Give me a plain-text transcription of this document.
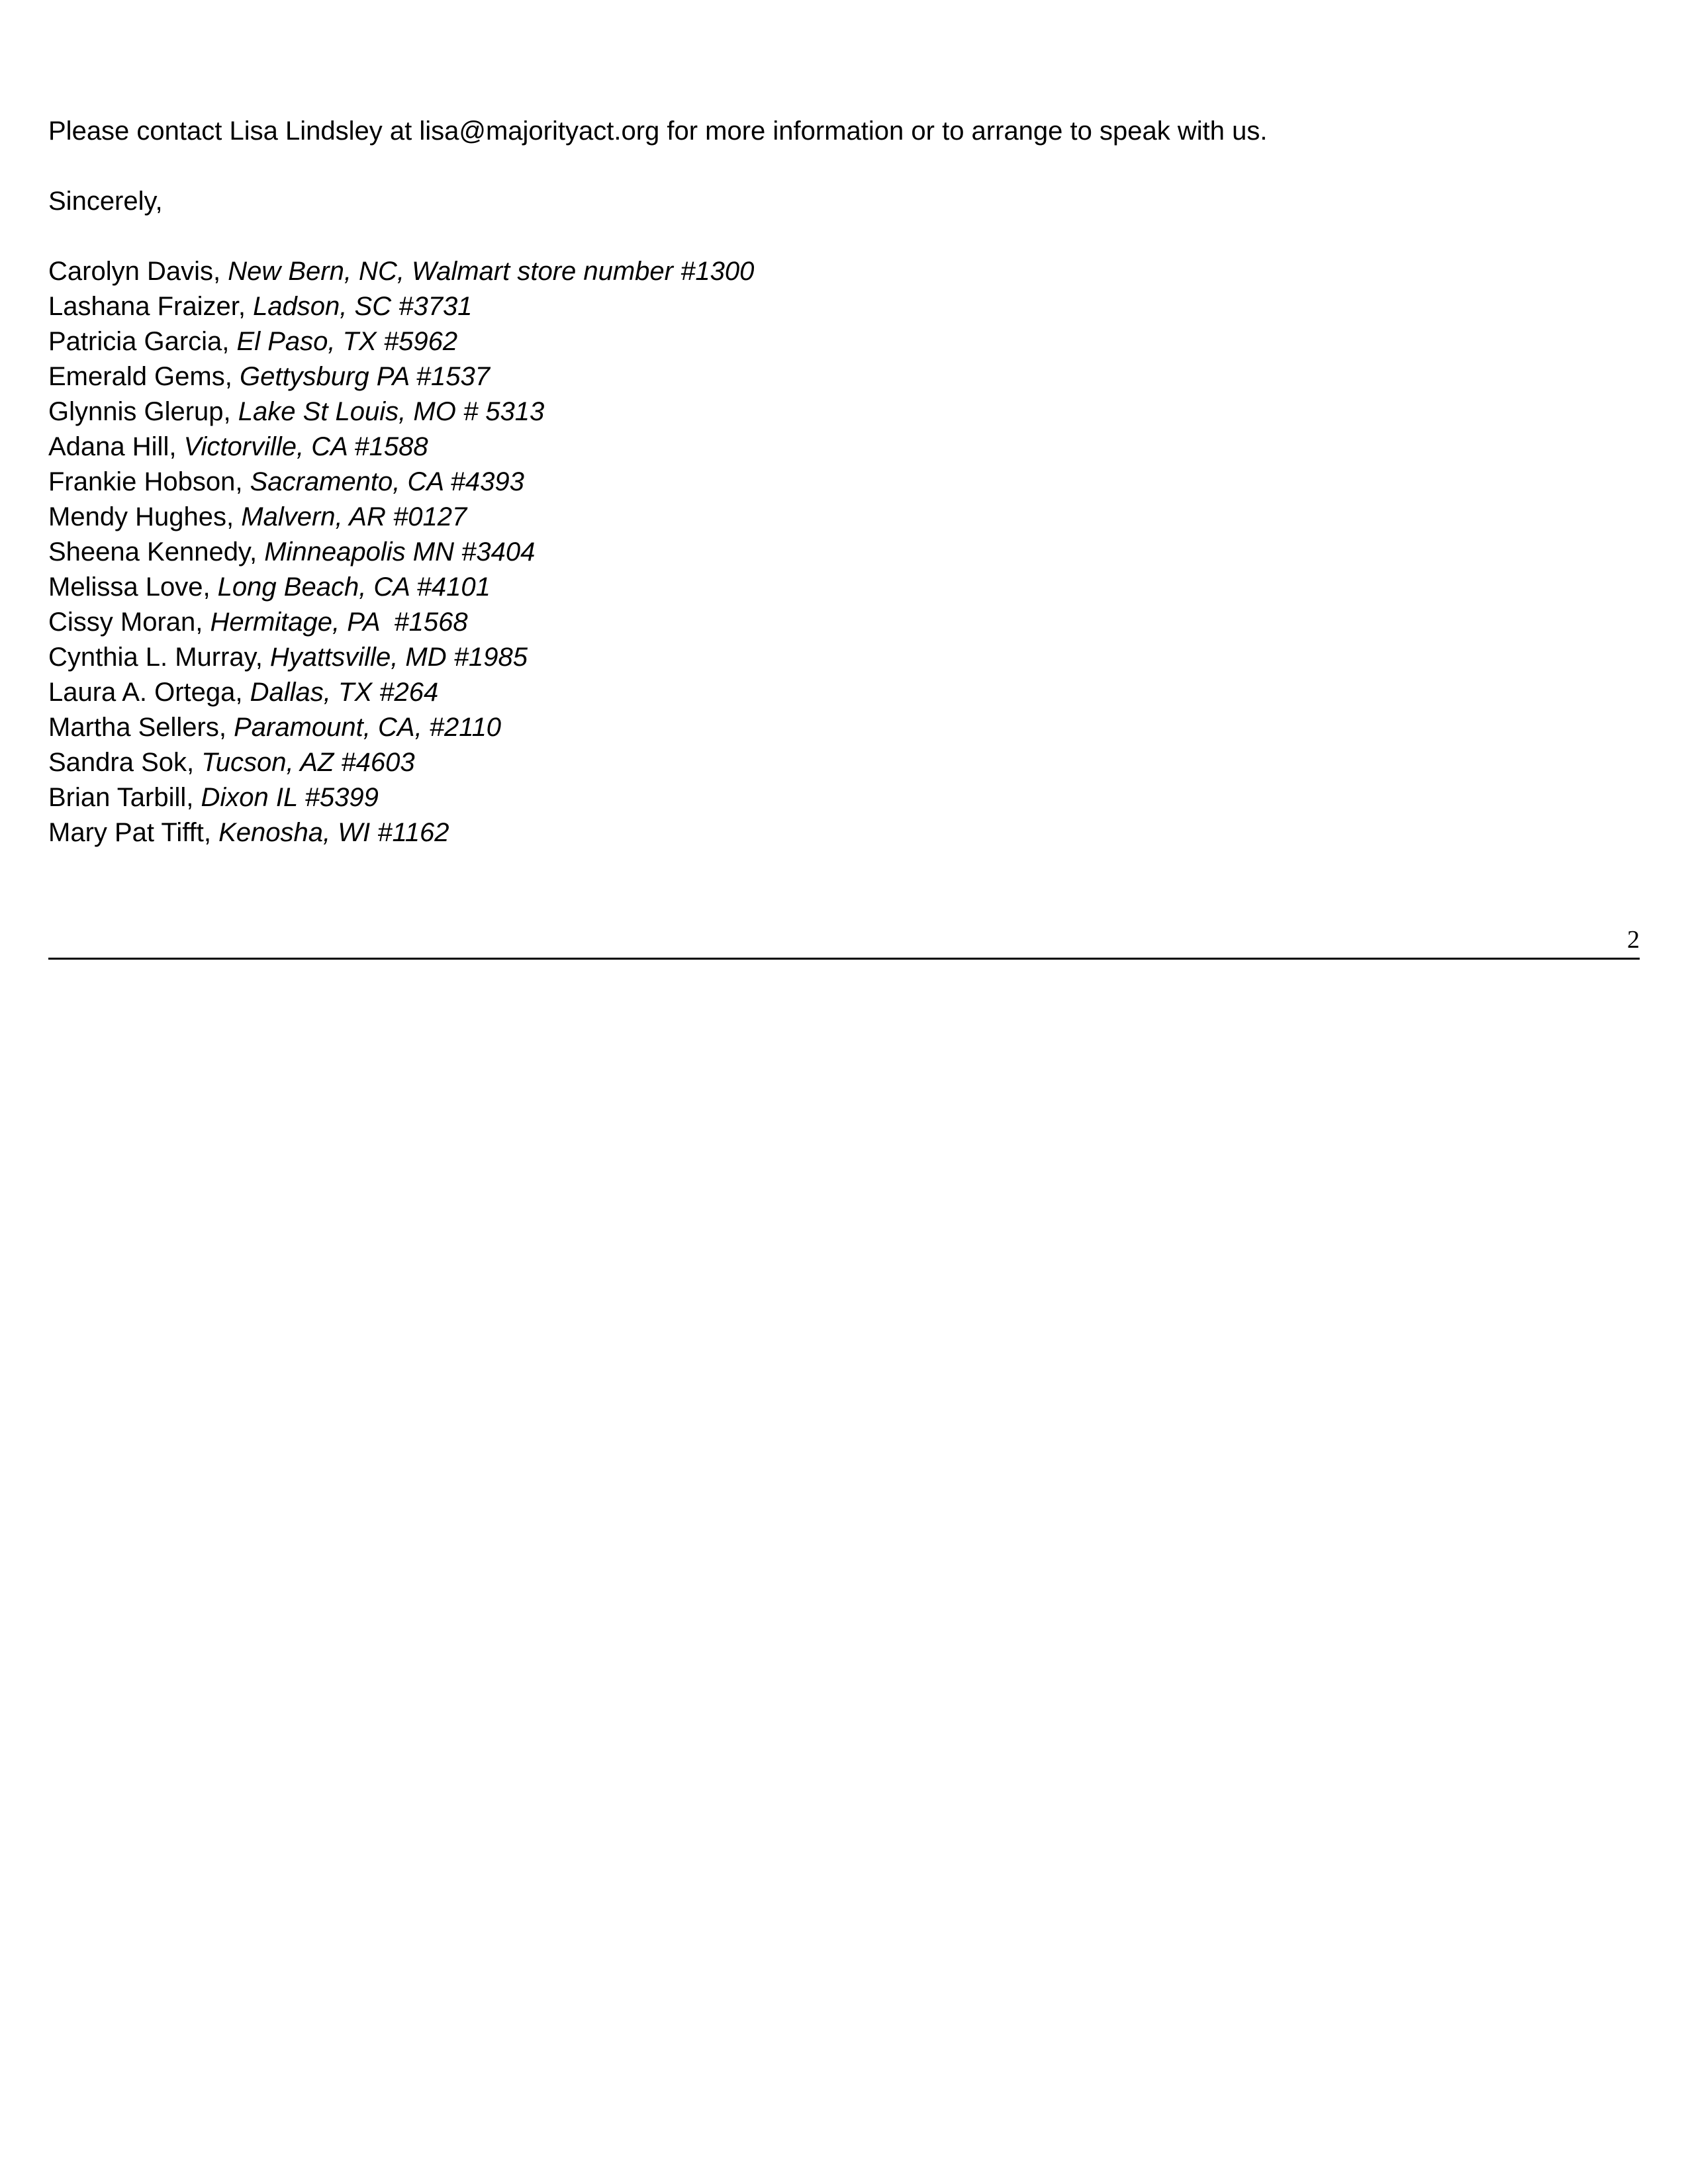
Please contact Lisa Lindsley at lisa@majorityact.org for more information or to arrange to speak with us.

Sincerely,

Carolyn Davis, New Bern, NC, Walmart store number #1300
Lashana Fraizer, Ladson, SC #3731
Patricia Garcia, El Paso, TX #5962
Emerald Gems, Gettysburg PA #1537
Glynnis Glerup, Lake St Louis, MO # 5313
Adana Hill, Victorville, CA #1588
Frankie Hobson, Sacramento, CA #4393
Mendy Hughes, Malvern, AR #0127
Sheena Kennedy, Minneapolis MN #3404
Melissa Love, Long Beach, CA #4101
Cissy Moran, Hermitage, PA  #1568
Cynthia L. Murray, Hyattsville, MD #1985
Laura A. Ortega, Dallas, TX #264
Martha Sellers, Paramount, CA, #2110
Sandra Sok, Tucson, AZ #4603
Brian Tarbill, Dixon IL #5399
Mary Pat Tifft, Kenosha, WI #1162
2
